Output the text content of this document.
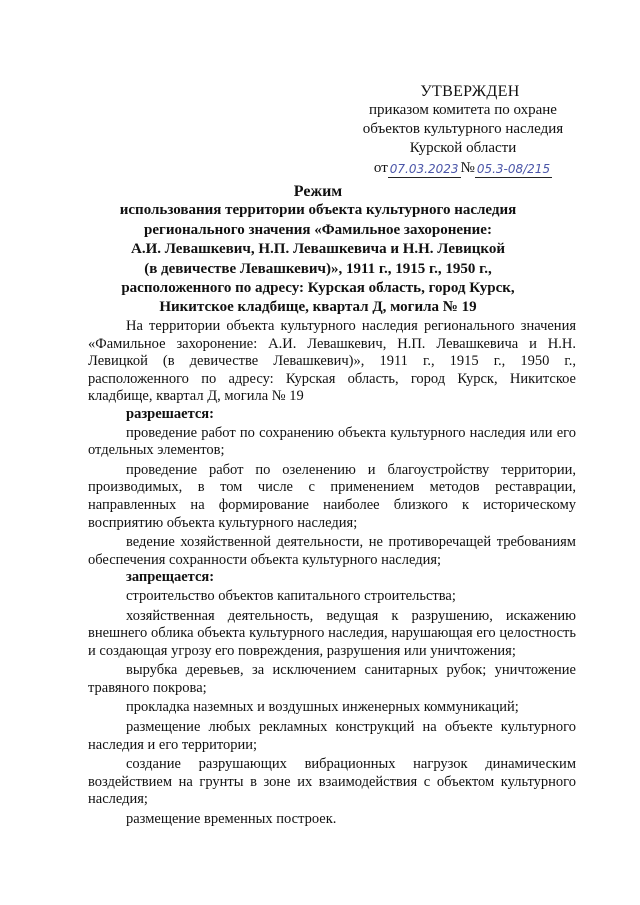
УТВЕРЖДЕН
приказом комитета по охране
объектов культурного наследия
Курской области
от 07.03.2023 № 05.3-08/215
Режим
использования территории объекта культурного наследия
регионального значения «Фамильное захоронение:
А.И. Левашкевич, Н.П. Левашкевича и Н.Н. Левицкой
(в девичестве Левашкевич)», 1911 г., 1915 г., 1950 г.,
расположенного по адресу: Курская область, город Курск,
Никитское кладбище, квартал Д, могила № 19

На территории объекта культурного наследия регионального значения «Фамильное захоронение: А.И. Левашкевич, Н.П. Левашкевича и Н.Н. Левицкой (в девичестве Левашкевич)», 1911 г., 1915 г., 1950 г., расположенного по адресу: Курская область, город Курск, Никитское кладбище, квартал Д, могила № 19

разрешается:

проведение работ по сохранению объекта культурного наследия или его отдельных элементов;

проведение работ по озеленению и благоустройству территории, производимых, в том числе с применением методов реставрации, направленных на формирование наиболее близкого к историческому восприятию объекта культурного наследия;

ведение хозяйственной деятельности, не противоречащей требованиям обеспечения сохранности объекта культурного наследия;

запрещается:

строительство объектов капитального строительства;

хозяйственная деятельность, ведущая к разрушению, искажению внешнего облика объекта культурного наследия, нарушающая его целостность и создающая угрозу его повреждения, разрушения или уничтожения;

вырубка деревьев, за исключением санитарных рубок; уничтожение травяного покрова;

прокладка наземных и воздушных инженерных коммуникаций;

размещение любых рекламных конструкций на объекте культурного наследия и его территории;

создание разрушающих вибрационных нагрузок динамическим воздействием на грунты в зоне их взаимодействия с объектом культурного наследия;

размещение временных построек.
